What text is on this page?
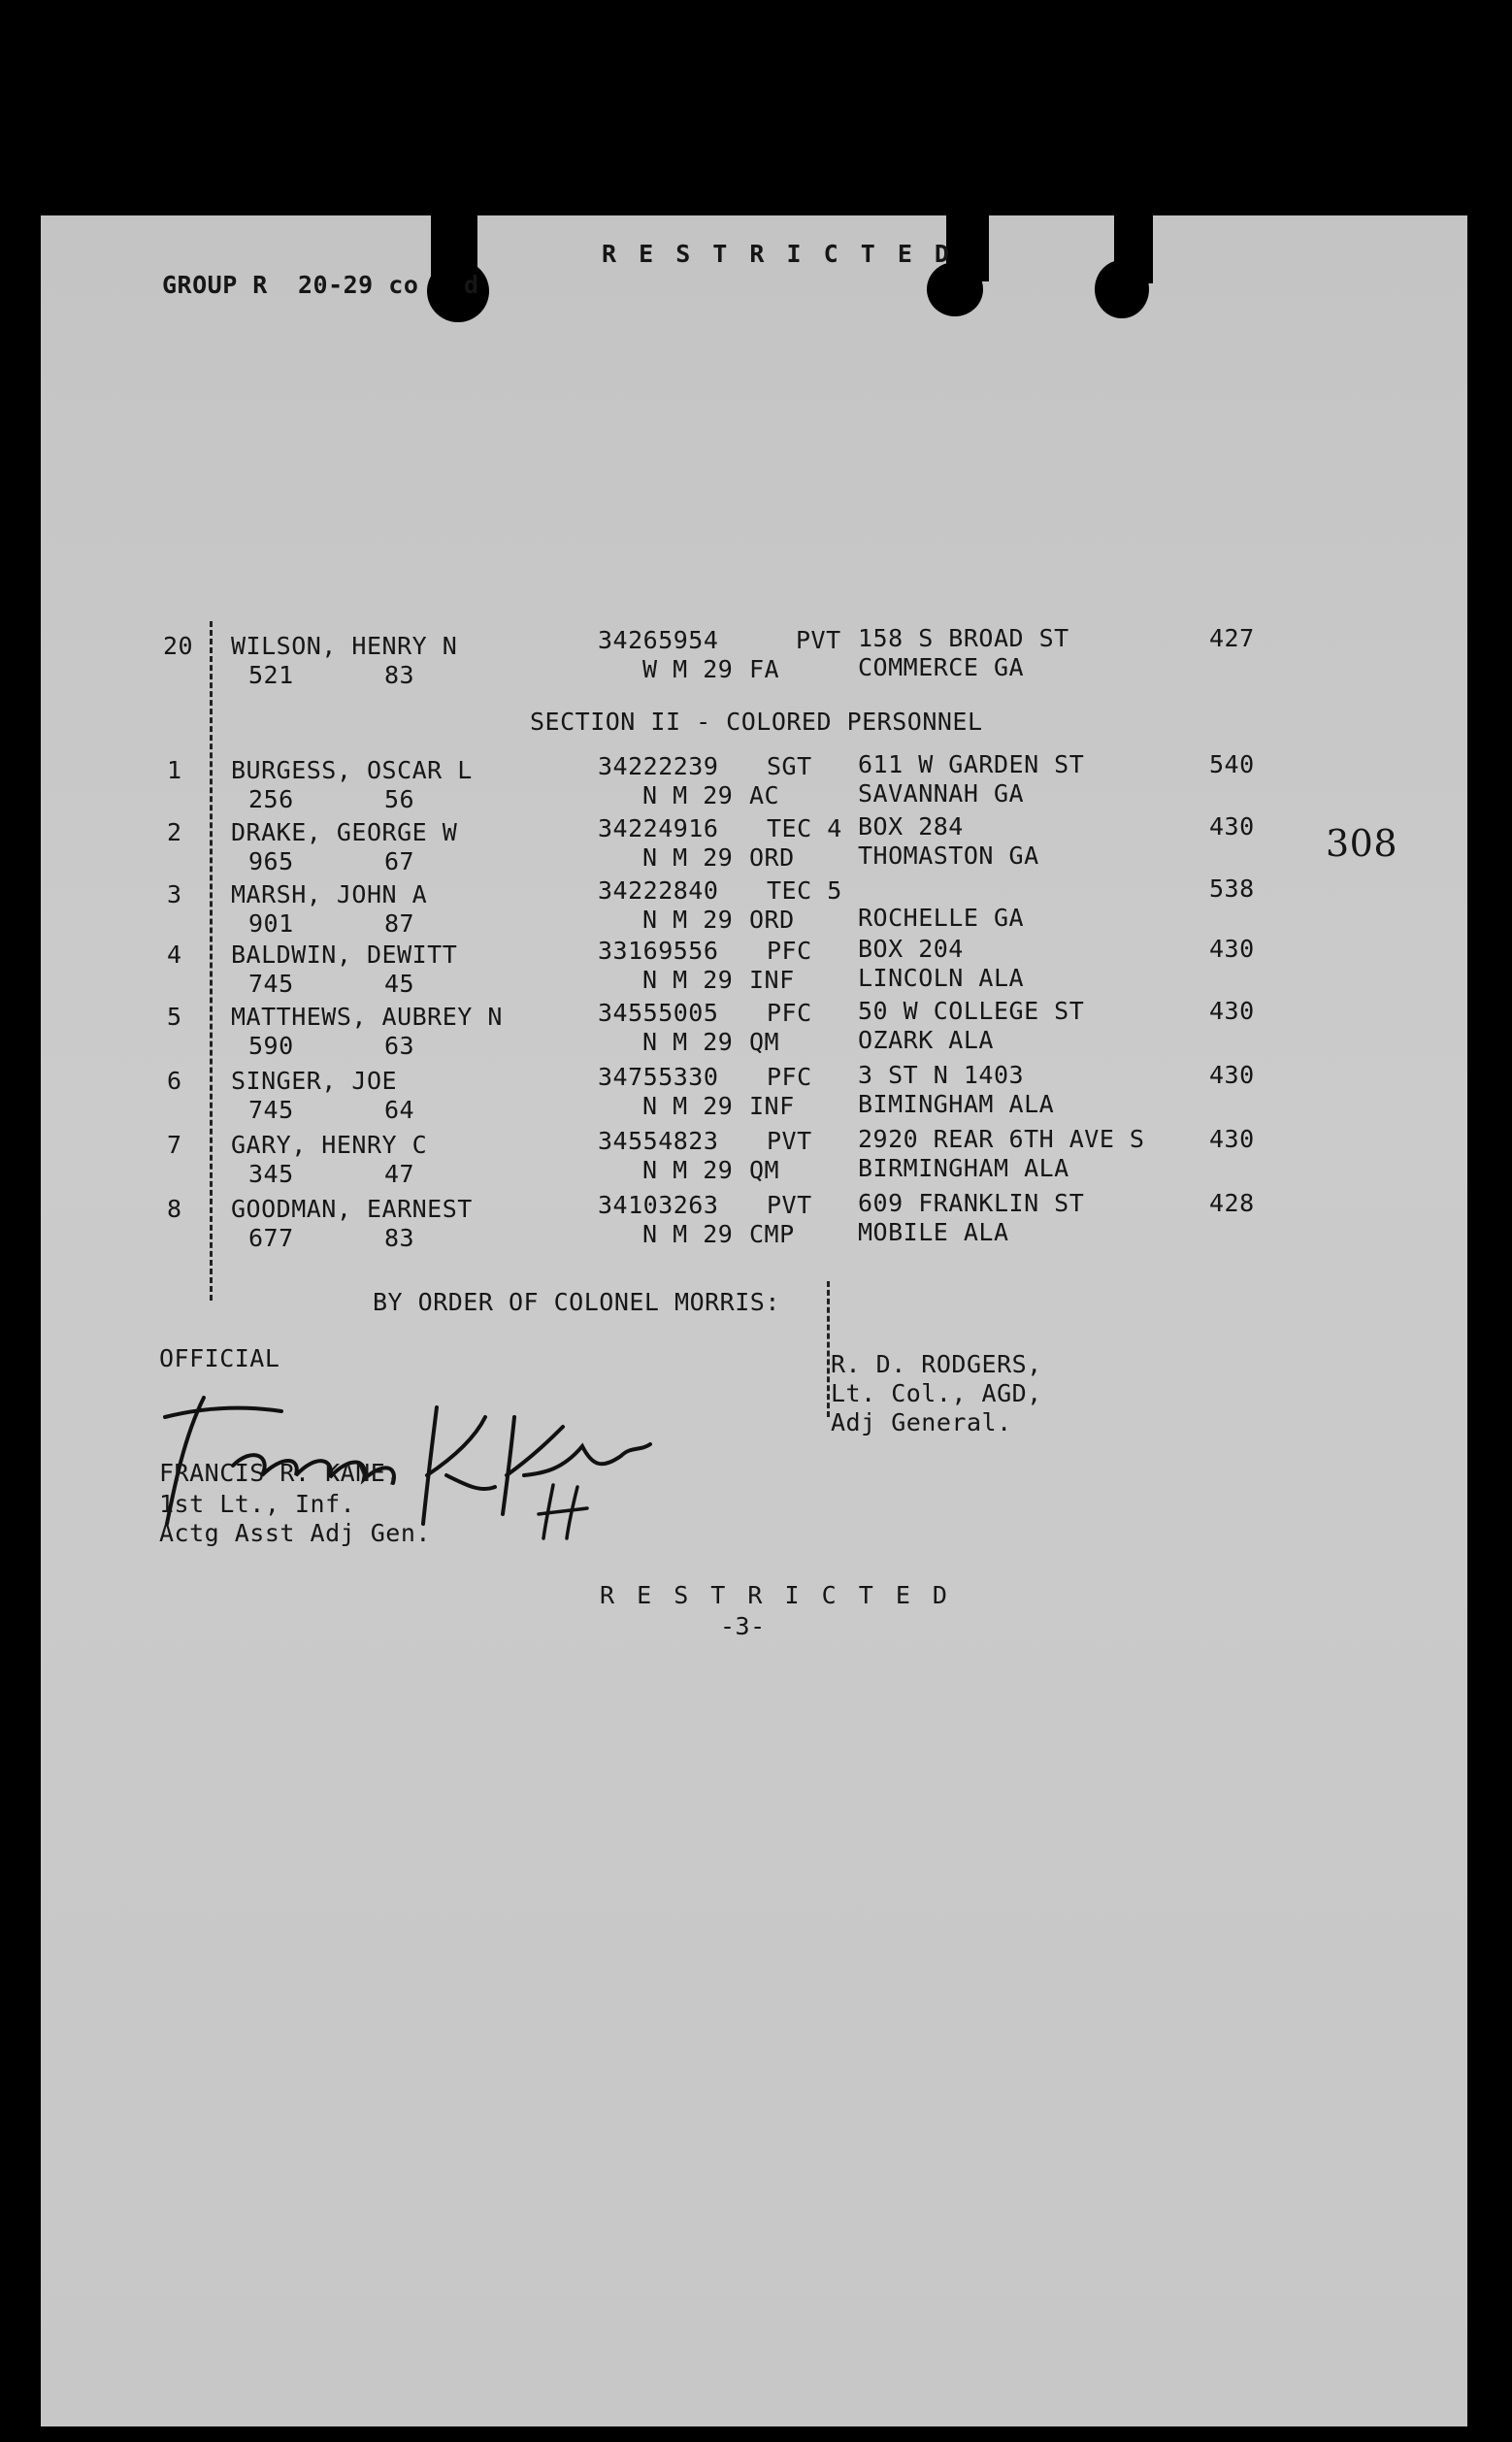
R E S T R I C T E D
GROUP R  20-29 co   d
308
20 WILSON, HENRY N	34265954	PVT 158 S BROAD ST	427
521	83	W M 29 FA	COMMERCE GA
SECTION II - COLORED PERSONNEL
1 BURGESS, OSCAR L	34222239 SGT 611 W GARDEN ST	540
256	56	N M 29 AC	SAVANNAH GA
2 DRAKE, GEORGE W	34224916 TEC 4 BOX 284	430
965	67	N M 29 ORD	THOMASTON GA
3 MARSH, JOHN A	34222840 TEC 5	538
901	87	N M 29 ORD	ROCHELLE GA
4 BALDWIN, DEWITT	33169556 PFC BOX 204	430
745	45	N M 29 INF	LINCOLN ALA
5 MATTHEWS, AUBREY N	34555005 PFC 50 W COLLEGE ST	430
590	63	N M 29 QM	OZARK ALA
6 SINGER, JOE	34755330 PFC 3 ST N 1403	430
745	64	N M 29 INF	BIMINGHAM ALA
7 GARY, HENRY C	34554823 PVT 2920 REAR 6TH AVE S	430
345	47	N M 29 QM	BIRMINGHAM ALA
8 GOODMAN, EARNEST	34103263 PVT 609 FRANKLIN ST	428
677	83	N M 29 CMP	MOBILE ALA
BY ORDER OF COLONEL MORRIS:
OFFICIAL	R. D. RODGERS,
Lt. Col., AGD,
Adj General.
FRANCIS R. KANE,
1st Lt., Inf.
Actg Asst Adj Gen.
R E S T R I C T E D
-3-
